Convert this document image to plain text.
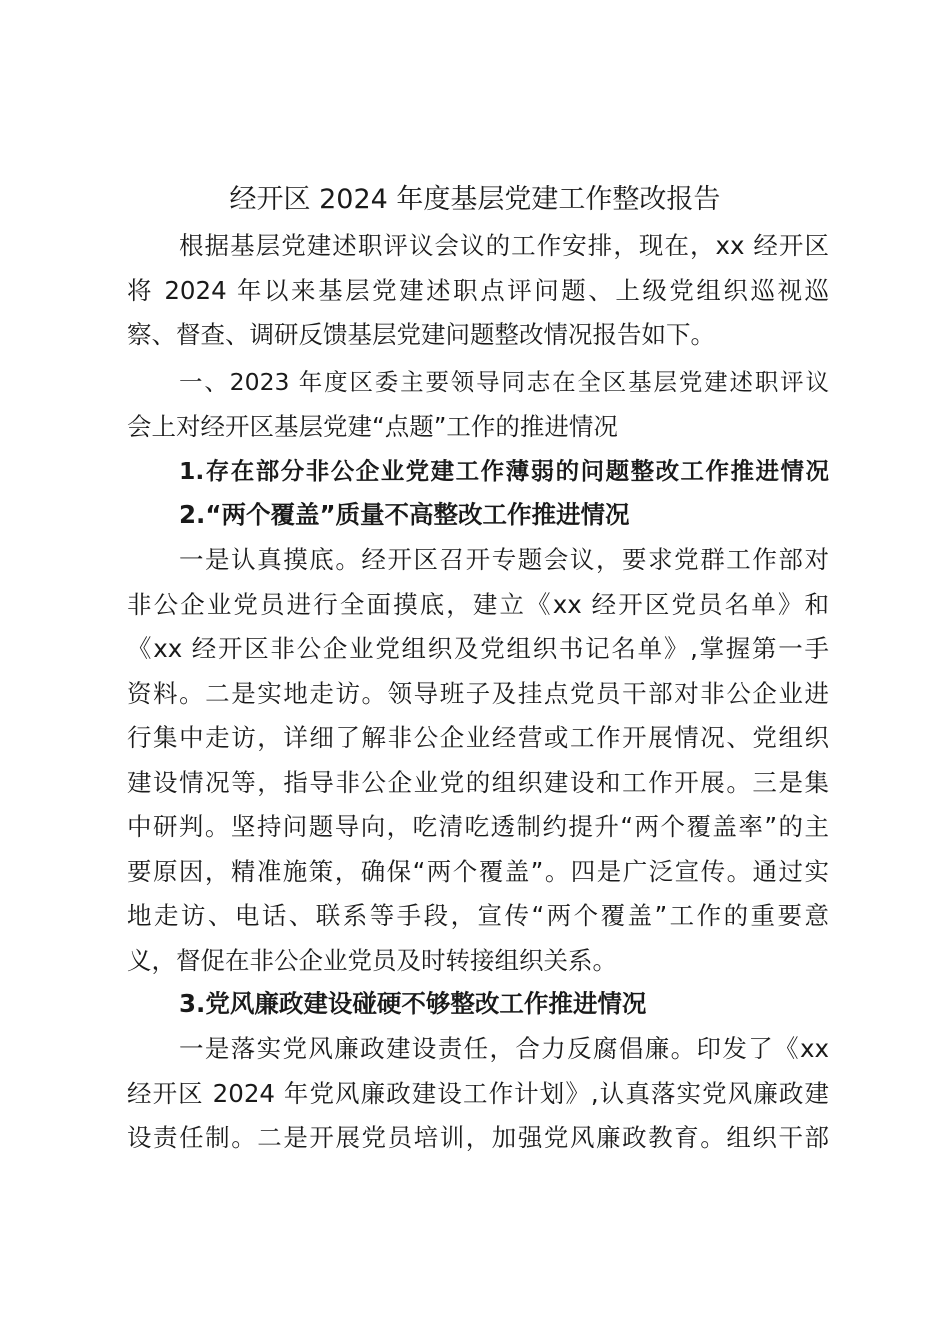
经开区 2024 年度基层党建工作整改报告
根据基层党建述职评议会议的工作安排，现在，xx 经开区
将 2024 年以来基层党建述职点评问题、上级党组织巡视巡
察、督查、调研反馈基层党建问题整改情况报告如下。
一、2023 年度区委主要领导同志在全区基层党建述职评议
会上对经开区基层党建“点题”工作的推进情况
1.存在部分非公企业党建工作薄弱的问题整改工作推进情况
2.“两个覆盖”质量不高整改工作推进情况
一是认真摸底。经开区召开专题会议，要求党群工作部对
非公企业党员进行全面摸底，建立《xx 经开区党员名单》和
《xx 经开区非公企业党组织及党组织书记名单》,掌握第一手
资料。二是实地走访。领导班子及挂点党员干部对非公企业进
行集中走访，详细了解非公企业经营或工作开展情况、党组织
建设情况等，指导非公企业党的组织建设和工作开展。三是集
中研判。坚持问题导向，吃清吃透制约提升“两个覆盖率”的主
要原因，精准施策，确保“两个覆盖”。四是广泛宣传。通过实
地走访、电话、联系等手段，宣传“两个覆盖”工作的重要意
义，督促在非公企业党员及时转接组织关系。
3.党风廉政建设碰硬不够整改工作推进情况
一是落实党风廉政建设责任，合力反腐倡廉。印发了《xx
经开区 2024 年党风廉政建设工作计划》,认真落实党风廉政建
设责任制。二是开展党员培训，加强党风廉政教育。组织干部
